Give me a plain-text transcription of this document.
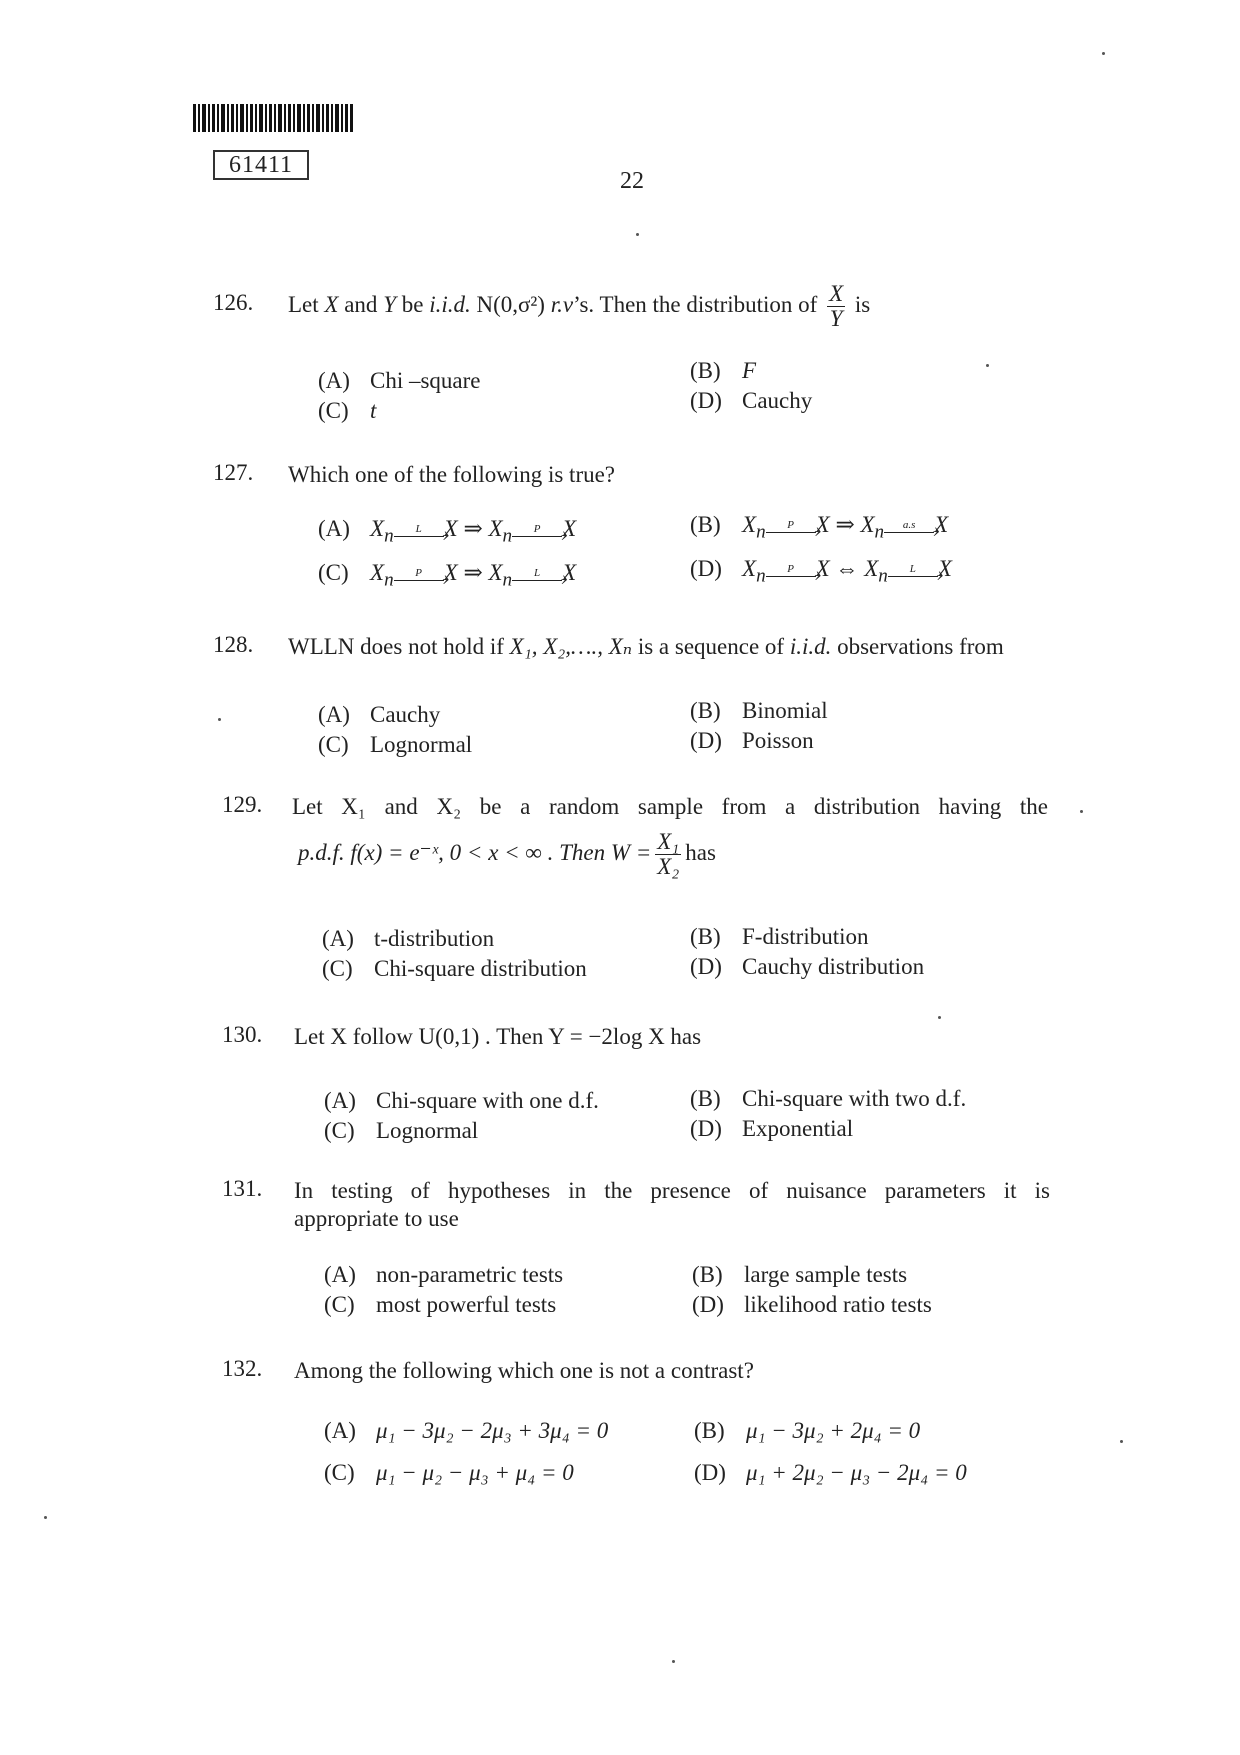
61411
22
126. Let X and Y be i.i.d. N(0,σ²) r.v’s. Then the distribution of $\frac{X}{Y}$ is
(A) Chi –square
(C) t
(B) F
(D) Cauchy
127. Which one of the following is true?
(A) $X_n$	L › X ⇒ $X_n$	P › X
(C) $X_n$	P › X ⇒ $X_n$	L › X
(B) $X_n$	P › X ⇒ $X_n$	a.s › X
(D) $X_n$	P › X ⇔ $X_n$	L › X
128. WLLN does not hold if X₁, X₂,…., Xₙ is a sequence of i.i.d. observations from
(A) Cauchy
(C) Lognormal
(B) Binomial
(D) Poisson
129. Let X₁ and X₂ be a random sample from a distribution having the
p.d.f. f(x) = e⁻ˣ, 0 < x < ∞ . Then $W = \frac{\text{X₁}}{\text{X₂}}$ has
(A) t-distribution
(C) Chi-square distribution
(B) F-distribution
(D) Cauchy distribution
130. Let X follow U(0,1) . Then Y = −2log X has
(A) Chi-square with one d.f.
(C) Lognormal
(B) Chi-square with two d.f.
(D) Exponential
131. In testing of hypotheses in the presence of nuisance parameters it is
appropriate to use
(A) non-parametric tests
(C) most powerful tests
(B) large sample tests
(D) likelihood ratio tests
132. Among the following which one is not a contrast?
(A) μ₁ − 3μ₂ − 2μ₃ + 3μ₄ = 0
(C) μ₁ − μ₂ − μ₃ + μ₄ = 0
(B) μ₁ − 3μ₂ + 2μ₄ = 0
(D) μ₁ + 2μ₂ − μ₃ − 2μ₄ = 0
